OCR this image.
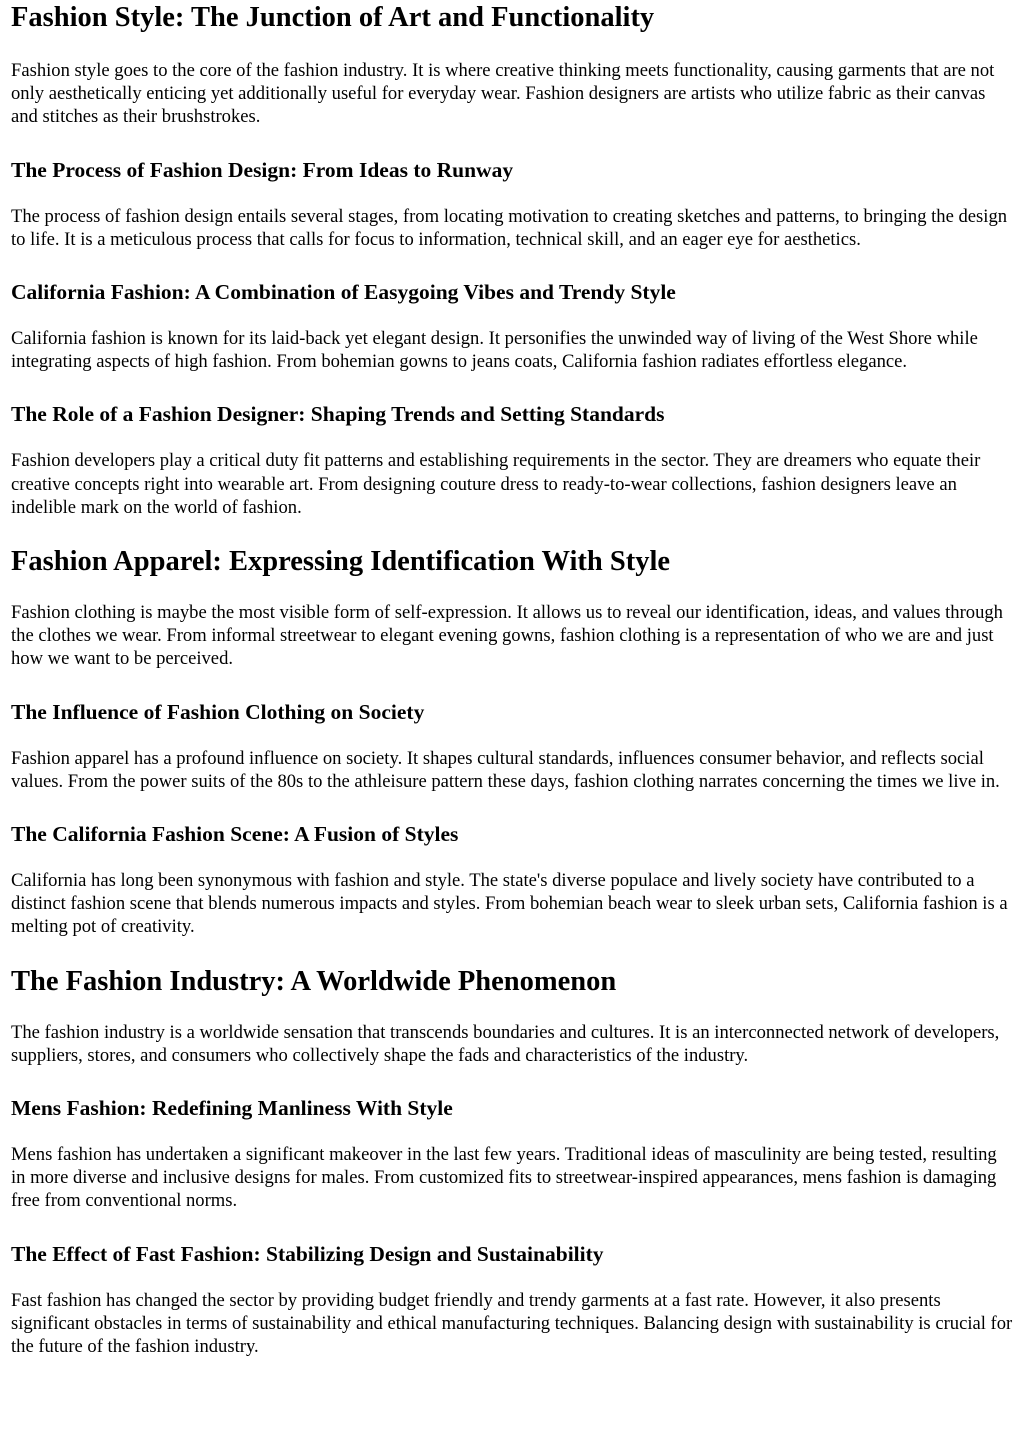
Fashion Style: The Junction of Art and Functionality

Fashion style goes to the core of the fashion industry. It is where creative thinking meets functionality, causing garments that are not only aesthetically enticing yet additionally useful for everyday wear. Fashion designers are artists who utilize fabric as their canvas and stitches as their brushstrokes.

The Process of Fashion Design: From Ideas to Runway

The process of fashion design entails several stages, from locating motivation to creating sketches and patterns, to bringing the design to life. It is a meticulous process that calls for focus to information, technical skill, and an eager eye for aesthetics.

California Fashion: A Combination of Easygoing Vibes and Trendy Style

California fashion is known for its laid-back yet elegant design. It personifies the unwinded way of living of the West Shore while integrating aspects of high fashion. From bohemian gowns to jeans coats, California fashion radiates effortless elegance.

The Role of a Fashion Designer: Shaping Trends and Setting Standards

Fashion developers play a critical duty fit patterns and establishing requirements in the sector. They are dreamers who equate their creative concepts right into wearable art. From designing couture dress to ready-to-wear collections, fashion designers leave an indelible mark on the world of fashion.

Fashion Apparel: Expressing Identification With Style

Fashion clothing is maybe the most visible form of self-expression. It allows us to reveal our identification, ideas, and values through the clothes we wear. From informal streetwear to elegant evening gowns, fashion clothing is a representation of who we are and just how we want to be perceived.

The Influence of Fashion Clothing on Society

Fashion apparel has a profound influence on society. It shapes cultural standards, influences consumer behavior, and reflects social values. From the power suits of the 80s to the athleisure pattern these days, fashion clothing narrates concerning the times we live in.

The California Fashion Scene: A Fusion of Styles

California has long been synonymous with fashion and style. The state's diverse populace and lively society have contributed to a distinct fashion scene that blends numerous impacts and styles. From bohemian beach wear to sleek urban sets, California fashion is a melting pot of creativity.

The Fashion Industry: A Worldwide Phenomenon

The fashion industry is a worldwide sensation that transcends boundaries and cultures. It is an interconnected network of developers, suppliers, stores, and consumers who collectively shape the fads and characteristics of the industry.

Mens Fashion: Redefining Manliness With Style

Mens fashion has undertaken a significant makeover in the last few years. Traditional ideas of masculinity are being tested, resulting in more diverse and inclusive designs for males. From customized fits to streetwear-inspired appearances, mens fashion is damaging free from conventional norms.

The Effect of Fast Fashion: Stabilizing Design and Sustainability

Fast fashion has changed the sector by providing budget friendly and trendy garments at a fast rate. However, it also presents significant obstacles in terms of sustainability and ethical manufacturing techniques. Balancing design with sustainability is crucial for the future of the fashion industry.
